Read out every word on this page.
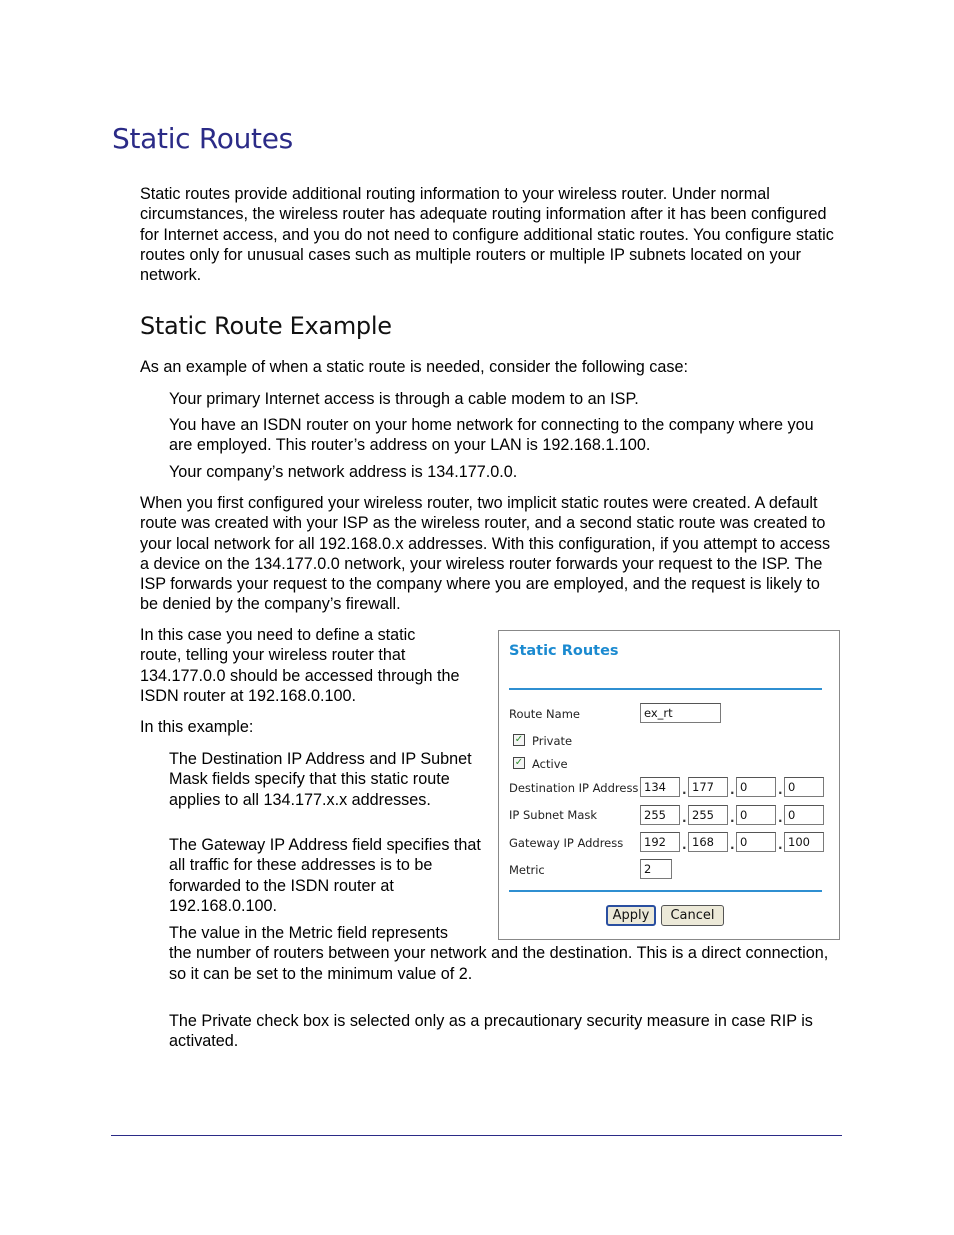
Static Routes
Static routes provide additional routing information to your wireless router. Under normal circumstances, the wireless router has adequate routing information after it has been configured for Internet access, and you do not need to configure additional static routes. You configure static routes only for unusual cases such as multiple routers or multiple IP subnets located on your network.
Static Route Example
As an example of when a static route is needed, consider the following case:
Your primary Internet access is through a cable modem to an ISP.
You have an ISDN router on your home network for connecting to the company where you are employed. This router’s address on your LAN is 192.168.1.100.
Your company’s network address is 134.177.0.0.
When you first configured your wireless router, two implicit static routes were created. A default route was created with your ISP as the wireless router, and a second static route was created to your local network for all 192.168.0.x addresses. With this configuration, if you attempt to access a device on the 134.177.0.0 network, your wireless router forwards your request to the ISP. The ISP forwards your request to the company where you are employed, and the request is likely to be denied by the company’s firewall.
In this case you need to define a static route, telling your wireless router that 134.177.0.0 should be accessed through the ISDN router at 192.168.0.100.
In this example:
The Destination IP Address and IP Subnet Mask fields specify that this static route applies to all 134.177.x.x addresses.
The Gateway IP Address field specifies that all traffic for these addresses is to be forwarded to the ISDN router at 192.168.0.100.
The value in the Metric field represents
the number of routers between your network and the destination. This is a direct connection, so it can be set to the minimum value of 2.
The Private check box is selected only as a precautionary security measure in case RIP is activated.
Static Routes
Route Name	ex_rt
✓ Private
✓ Active
Destination IP Address 134	. 177	. 0	. 0
IP Subnet Mask	255	. 255	. 0	. 0
Gateway IP Address	192	. 168	. 0	. 100
Metric	2
Apply	Cancel
